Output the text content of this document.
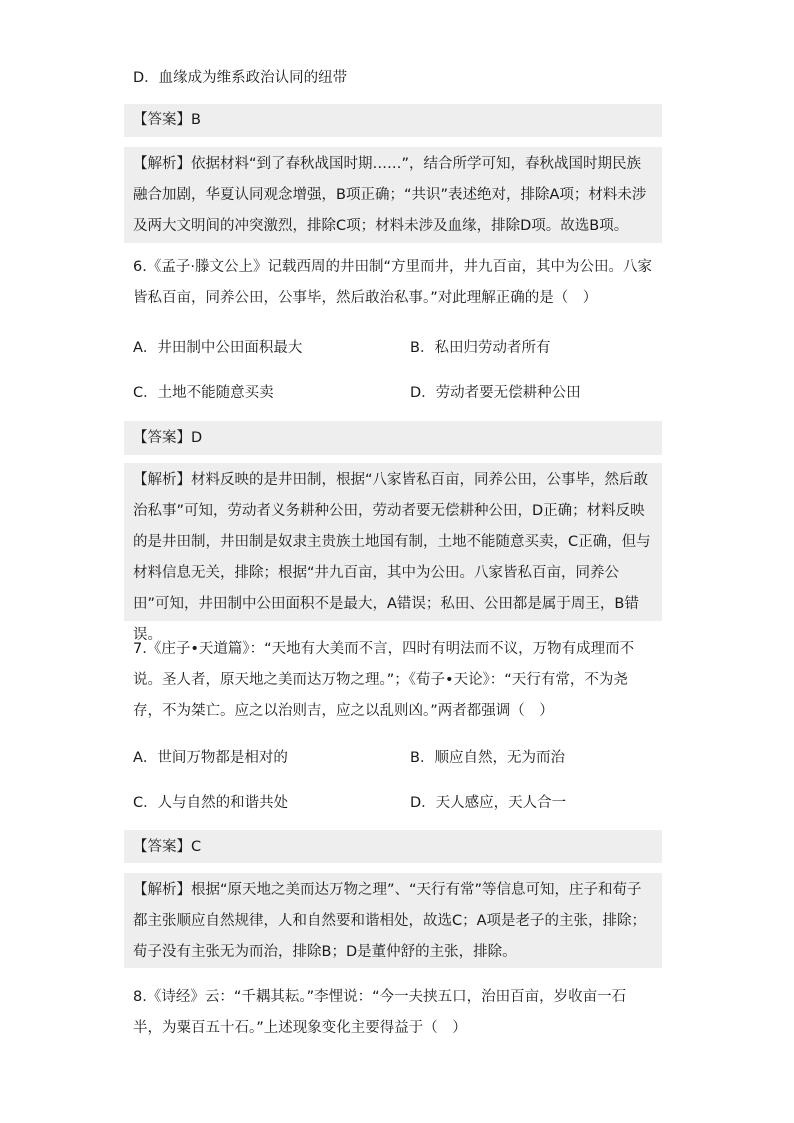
D．血缘成为维系政治认同的纽带
【答案】B
【解析】依据材料“到了春秋战国时期……”，结合所学可知，春秋战国时期民族融合加剧，华夏认同观念增强，B项正确；“共识”表述绝对，排除A项；材料未涉及两大文明间的冲突激烈，排除C项；材料未涉及血缘，排除D项。故选B项。
6.《孟子·滕文公上》记载西周的井田制“方里而井，井九百亩，其中为公田。八家皆私百亩，同养公田，公事毕，然后敢治私事。”对此理解正确的是（　）
A．井田制中公田面积最大	B．私田归劳动者所有
C．土地不能随意买卖	D．劳动者要无偿耕种公田
【答案】D
【解析】材料反映的是井田制，根据“八家皆私百亩，同养公田，公事毕，然后敢治私事”可知，劳动者义务耕种公田，劳动者要无偿耕种公田，D正确；材料反映的是井田制，井田制是奴隶主贵族土地国有制，土地不能随意买卖，C正确，但与材料信息无关，排除；根据“井九百亩，其中为公田。八家皆私百亩，同养公田”可知，井田制中公田面积不是最大，A错误；私田、公田都是属于周王，B错误。
7.《庄子•天道篇》：“天地有大美而不言，四时有明法而不议，万物有成理而不说。圣人者，原天地之美而达万物之理。”；《荀子•天论》：“天行有常，不为尧存，不为桀亡。应之以治则吉，应之以乱则凶。”两者都强调（　）
A．世间万物都是相对的	B．顺应自然，无为而治
C．人与自然的和谐共处	D．天人感应，天人合一
【答案】C
【解析】根据“原天地之美而达万物之理”、“天行有常”等信息可知，庄子和荀子都主张顺应自然规律，人和自然要和谐相处，故选C；A项是老子的主张，排除；荀子没有主张无为而治，排除B；D是董仲舒的主张，排除。
8.《诗经》云：“千耦其耘。”李悝说：“今一夫挟五口，治田百亩，岁收亩一石半，为粟百五十石。”上述现象变化主要得益于（　）
